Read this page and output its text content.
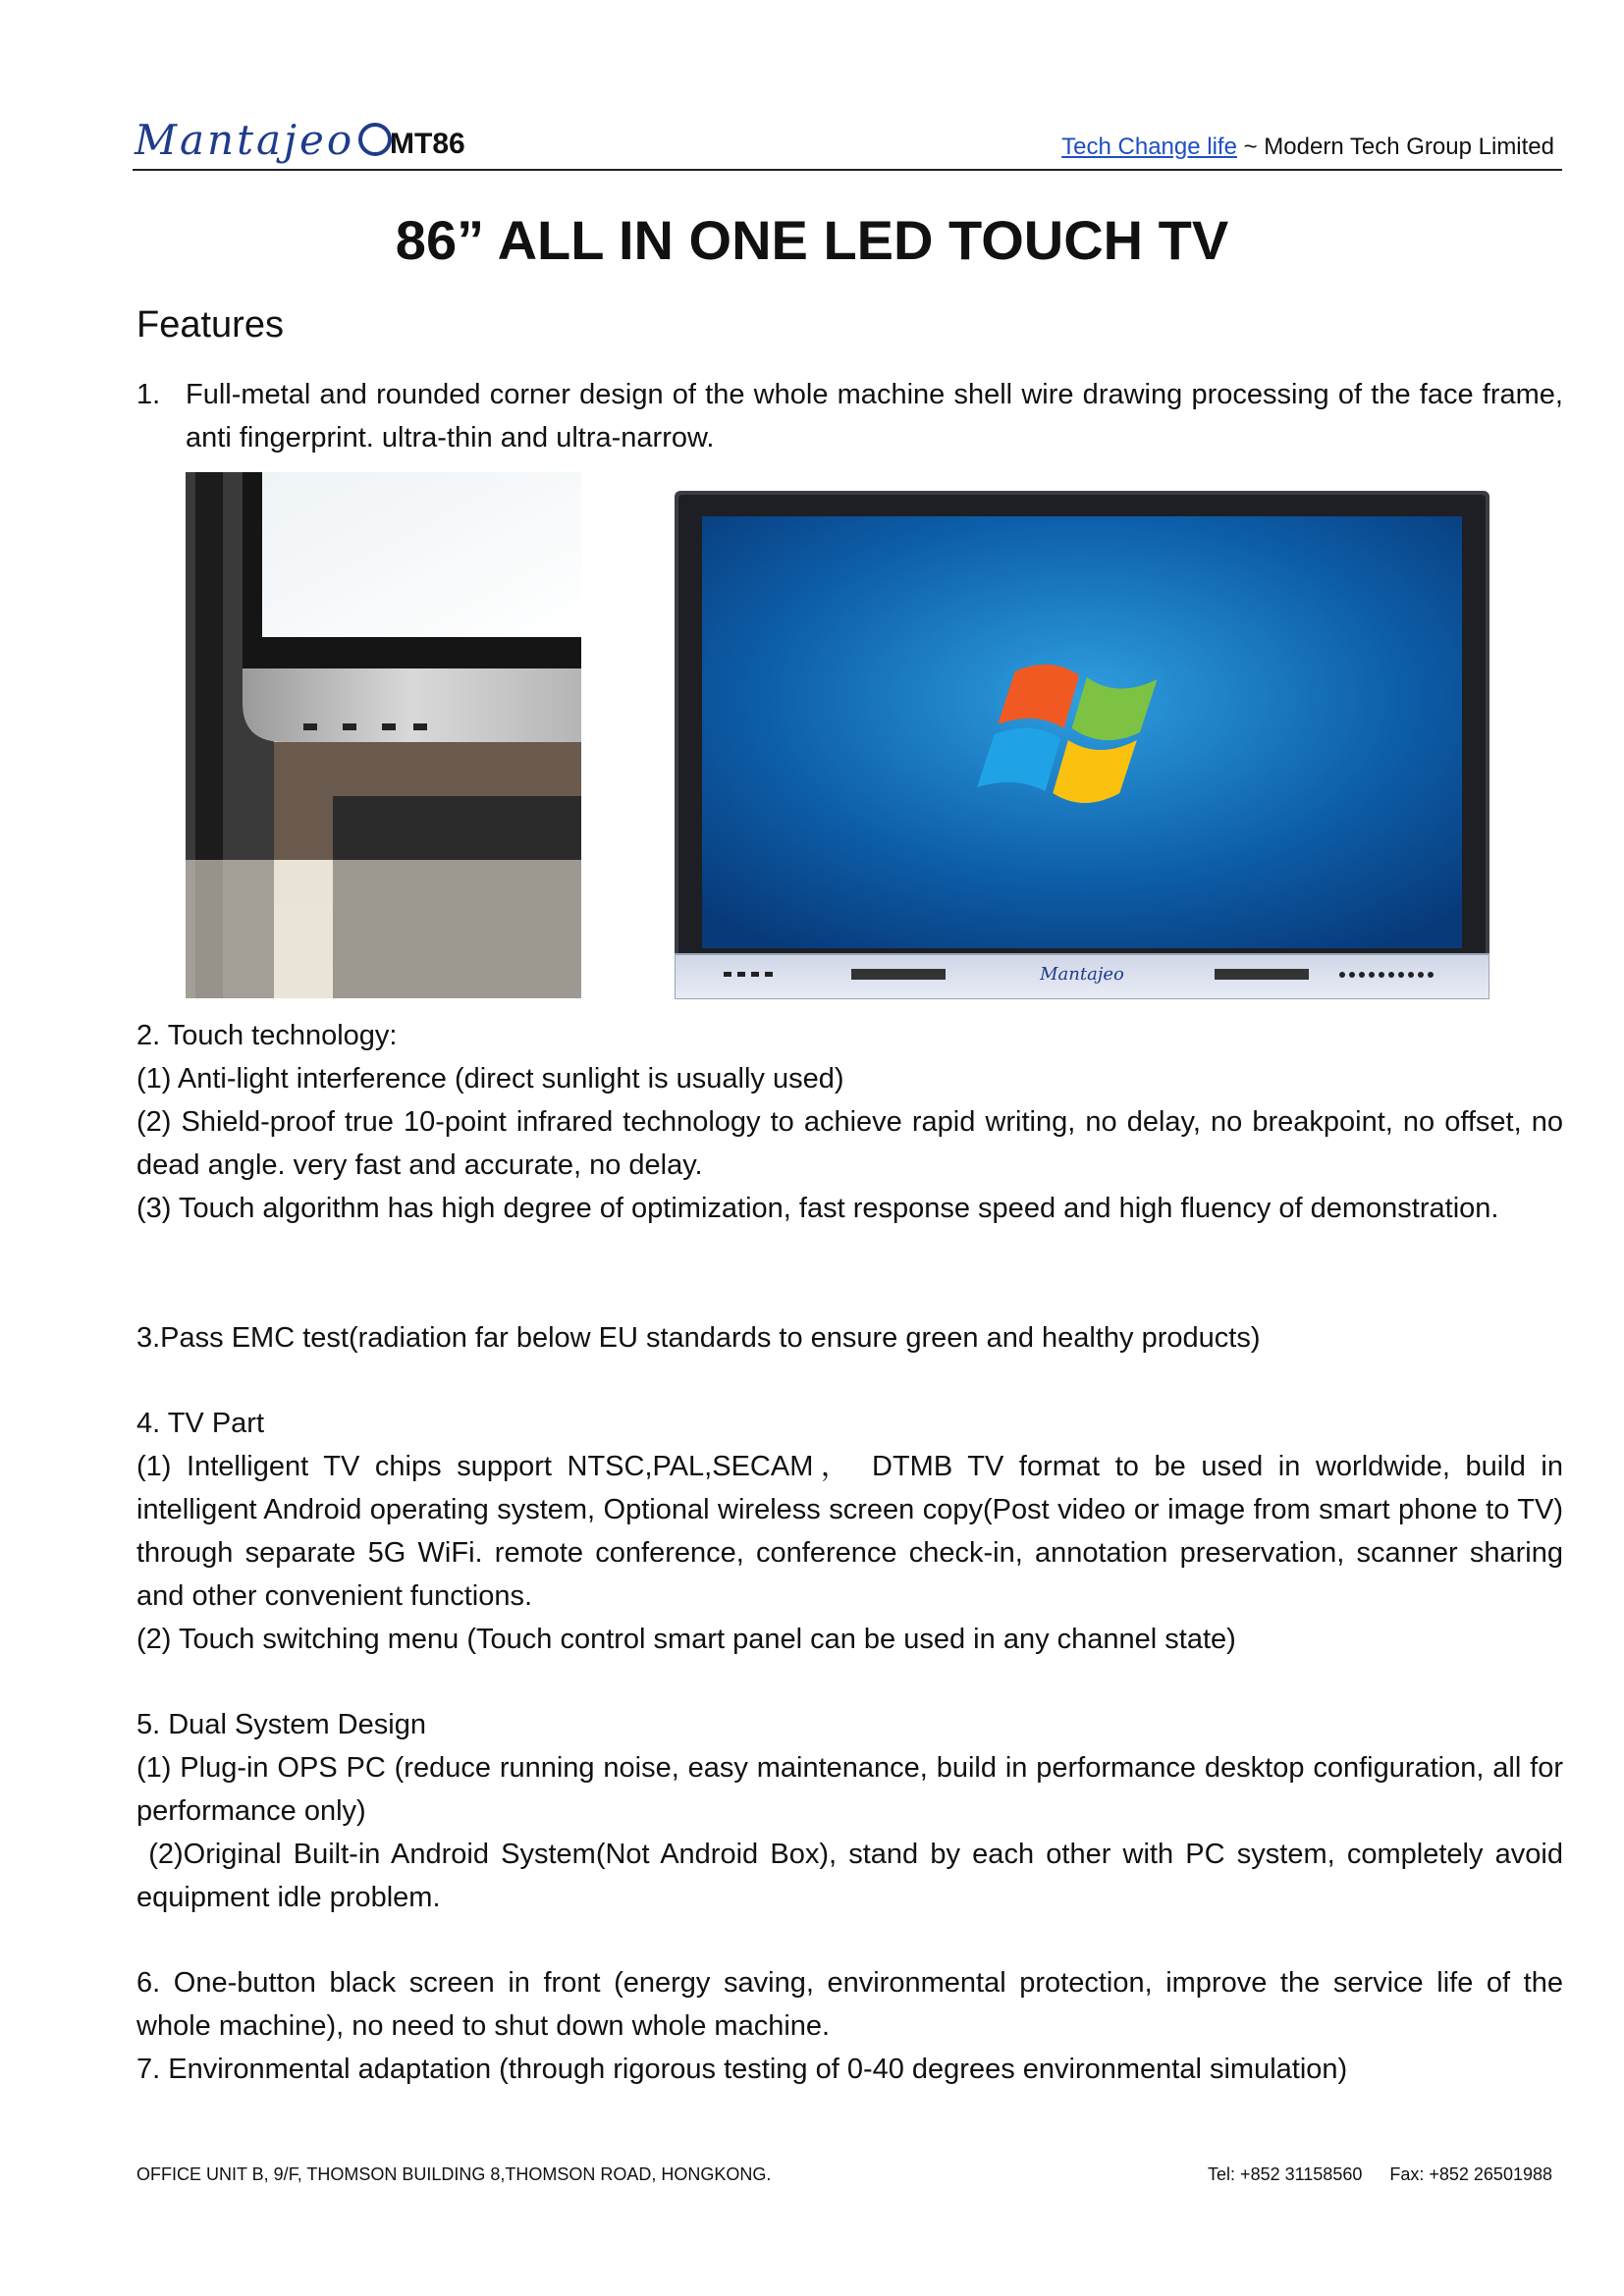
Mantajeo	MT86	Tech Change life ~ Modern Tech Group Limited
86” ALL IN ONE LED TOUCH TV
Features

1. Full-metal and rounded corner design of the whole machine shell wire drawing processing of the face frame, anti fingerprint. ultra-thin and ultra-narrow.

Mantajeo

2. Touch technology:

(1) Anti-light interference (direct sunlight is usually used)

(2) Shield-proof true 10-point infrared technology to achieve rapid writing, no delay, no breakpoint, no offset, no dead angle. very fast and accurate, no delay.

(3) Touch algorithm has high degree of optimization, fast response speed and high fluency of demonstration.

3.Pass EMC test(radiation far below EU standards to ensure green and healthy products)

4. TV Part

(1) Intelligent TV chips support NTSC,PAL,SECAM， DTMB TV format to be used in worldwide, build in intelligent Android operating system, Optional wireless screen copy(Post video or image from smart phone to TV) through separate 5G WiFi. remote conference, conference check-in, annotation preservation, scanner sharing and other convenient functions.

(2) Touch switching menu (Touch control smart panel can be used in any channel state)

5. Dual System Design

(1) Plug-in OPS PC (reduce running noise, easy maintenance, build in performance desktop configuration, all for performance only)

(2)Original Built-in Android System(Not Android Box), stand by each other with PC system, completely avoid equipment idle problem.

6. One-button black screen in front (energy saving, environmental protection, improve the service life of the whole machine), no need to shut down whole machine.

7. Environmental adaptation (through rigorous testing of 0-40 degrees environmental simulation)

OFFICE UNIT B, 9/F, THOMSON BUILDING 8,THOMSON ROAD, HONGKONG.	Tel: +852 31158560 Fax: +852 26501988
